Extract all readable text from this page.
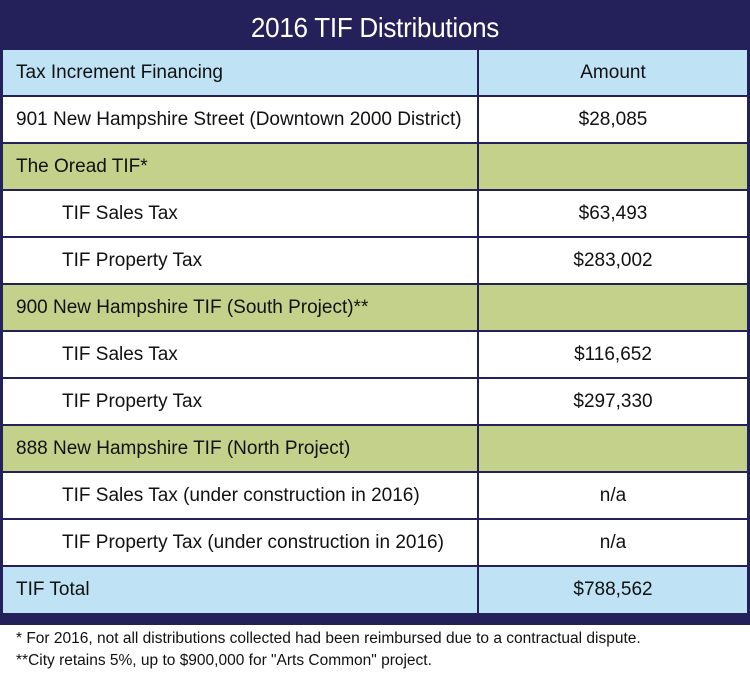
2016 TIF Distributions
Tax Increment Financing	Amount
901 New Hampshire Street (Downtown 2000 District)	$28,085
The Oread TIF*	
TIF Sales Tax	$63,493
TIF Property Tax	$283,002
900 New Hampshire TIF (South Project)**	
TIF Sales Tax	$116,652
TIF Property Tax	$297,330
888 New Hampshire TIF (North Project)	
TIF Sales Tax (under construction in 2016)	n/a
TIF Property Tax (under construction in 2016)	n/a
TIF Total	$788,562
* For 2016, not all distributions collected had been reimbursed due to a contractual dispute.
**City retains 5%, up to $900,000 for "Arts Common" project.
